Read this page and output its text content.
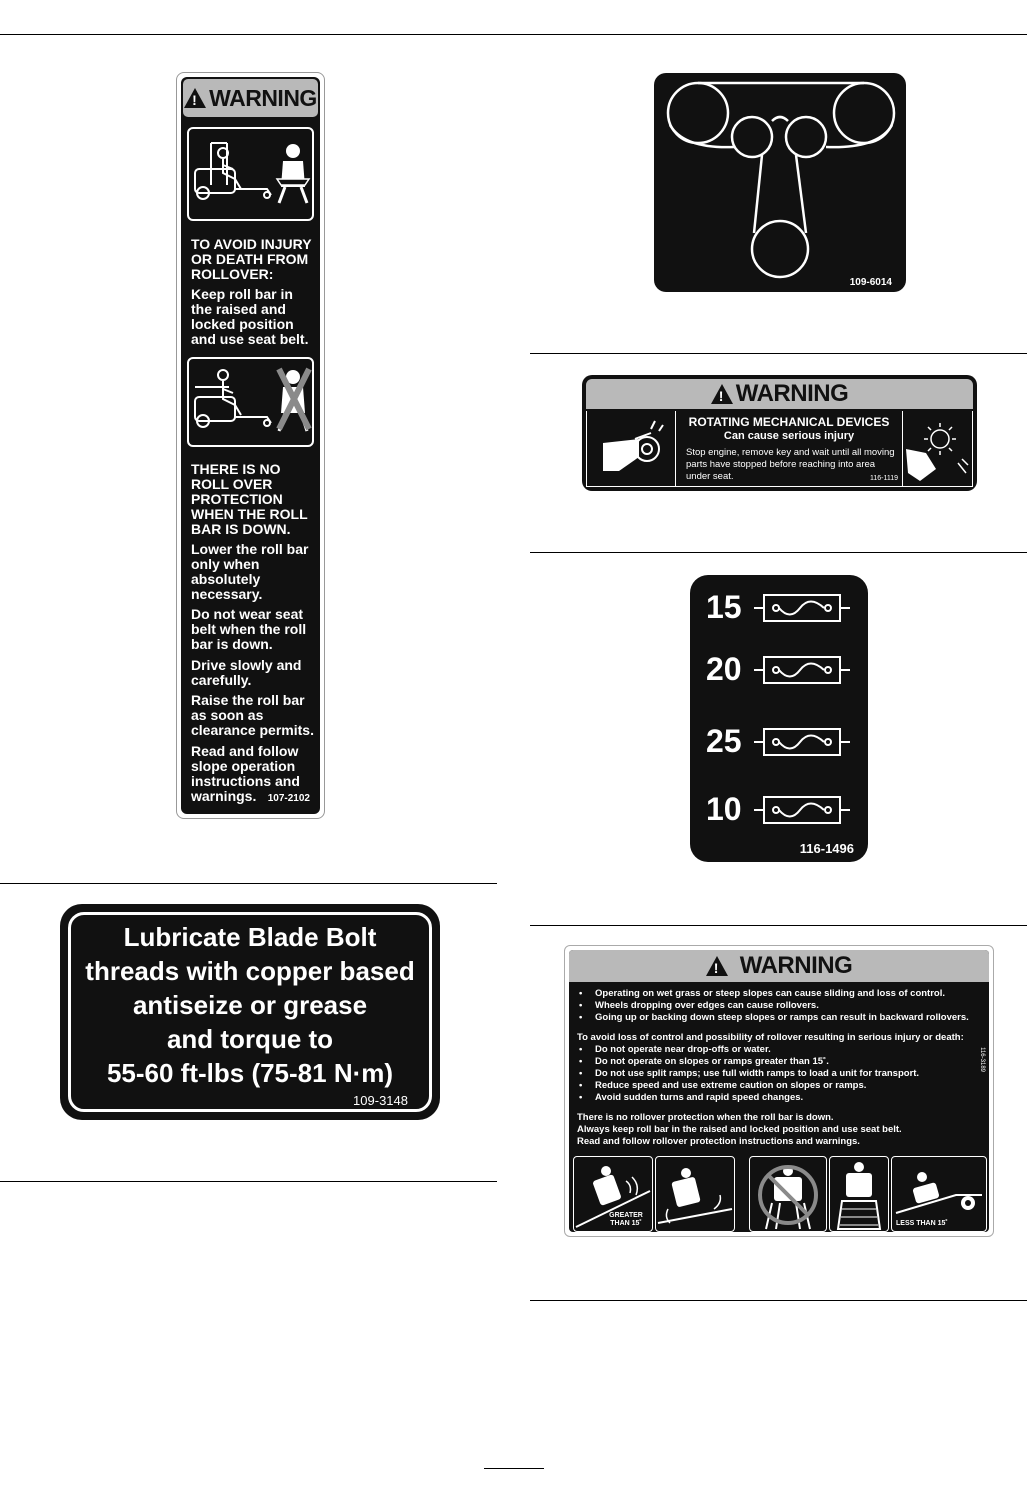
!
WARNING

TO AVOID INJURY OR DEATH FROM ROLLOVER:

Keep roll bar in the raised and locked position and use seat belt.

THERE IS NO ROLL OVER PROTECTION WHEN THE ROLL BAR IS DOWN.

Lower the roll bar only when absolutely necessary.

Do not wear seat belt when the roll bar is down.

Drive slowly and carefully.

Raise the roll bar as soon as clearance permits.

Read and follow slope operation instructions and warnings.	107-2102
Lubricate Blade Bolt
threads with copper based
antiseize or grease
and torque to
55-60 ft-lbs (75-81 N·m)
109-3148
109-6014
!
WARNING
ROTATING MECHANICAL DEVICES
Can cause serious injury
Stop engine, remove key and wait until all moving parts have stopped before reaching into area under seat.	116-1119
15
20
25
10
116-1496
!
WARNING
• Operating on wet grass or steep slopes can cause sliding and loss of control.
• Wheels dropping over edges can cause rollovers.
• Going up or backing down steep slopes or ramps can result in backward rollovers.
To avoid loss of control and possibility of rollover resulting in serious injury or death:
• Do not operate near drop-offs or water.
• Do not operate on slopes or ramps greater than 15˚.
• Do not use split ramps; use full width ramps to load a unit for transport.
• Reduce speed and use extreme caution on slopes or ramps.
• Avoid sudden turns and rapid speed changes.
There is no rollover protection when the roll bar is down.
Always keep roll bar in the raised and locked position and use seat belt.
Read and follow rollover protection instructions and warnings.
116-3189
GREATER THAN 15˚	LESS THAN 15˚
